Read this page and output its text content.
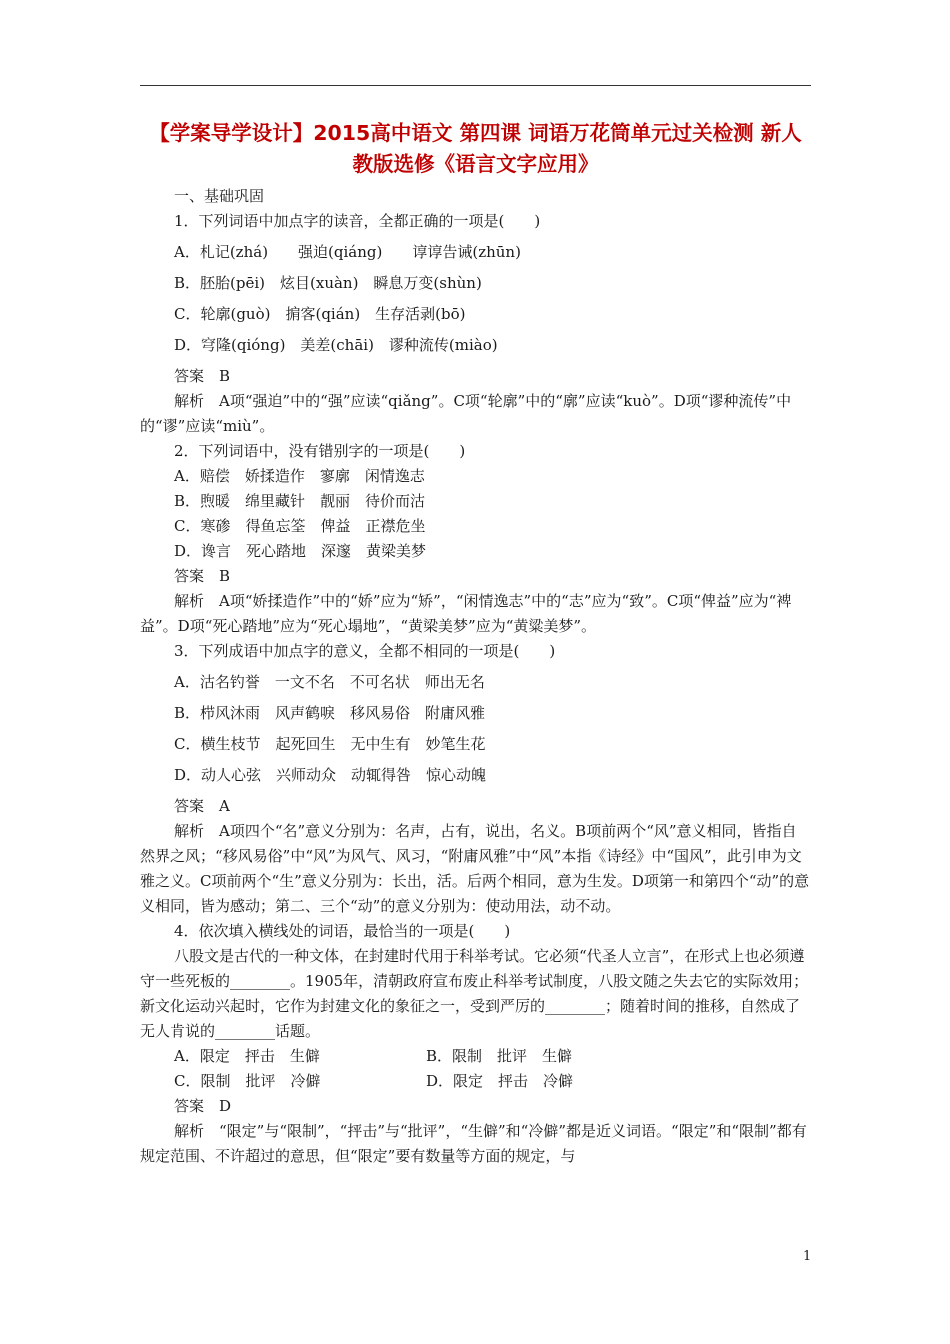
【学案导学设计】2015高中语文 第四课 词语万花筒单元过关检测 新人教版选修《语言文字应用》

一、基础巩固

1．下列词语中加点字的读音，全都正确的一项是(　　)

A．札记(zhá)　　强迫(qiáng)　　谆谆告诫(zhūn)

B．胚胎(pēi)　炫目(xuàn)　瞬息万变(shùn)

C．轮廓(guò)　掮客(qián)　生存活剥(bō)

D．穹隆(qióng)　美差(chāi)　谬种流传(miào)

答案　B

解析　A项“强迫”中的“强”应读“qiǎng”。C项“轮廓”中的“廓”应读“kuò”。D项“谬种流传”中的“谬”应读“miù”。

2．下列词语中，没有错别字的一项是(　　)

A．赔偿　娇揉造作　寥廓　闲情逸志

B．煦暖　绵里藏针　靓丽　待价而沽

C．寒碜　得鱼忘筌　俾益　正襟危坐

D．谗言　死心踏地　深邃　黄梁美梦

答案　B

解析　A项“娇揉造作”中的“娇”应为“矫”，“闲情逸志”中的“志”应为“致”。C项“俾益”应为“裨益”。D项“死心踏地”应为“死心塌地”，“黄梁美梦”应为“黄粱美梦”。

3．下列成语中加点字的意义，全都不相同的一项是(　　)

A．沽名钓誉　一文不名　不可名状　师出无名

B．栉风沐雨　风声鹤唳　移风易俗　附庸风雅

C．横生枝节　起死回生　无中生有　妙笔生花

D．动人心弦　兴师动众　动辄得咎　惊心动魄

答案　A

解析　A项四个“名”意义分别为：名声，占有，说出，名义。B项前两个“风”意义相同，皆指自然界之风；“移风易俗”中“风”为风气、风习，“附庸风雅”中“风”本指《诗经》中“国风”，此引申为文雅之义。C项前两个“生”意义分别为：长出，活。后两个相同，意为生发。D项第一和第四个“动”的意义相同，皆为感动；第二、三个“动”的意义分别为：使动用法，动不动。

4．依次填入横线处的词语，最恰当的一项是(　　)

八股文是古代的一种文体，在封建时代用于科举考试。它必须“代圣人立言”，在形式上也必须遵守一些死板的________。1905年，清朝政府宣布废止科举考试制度，八股文随之失去它的实际效用；新文化运动兴起时，它作为封建文化的象征之一，受到严厉的________；随着时间的推移，自然成了无人肯说的________话题。

A．限定　抨击　生僻	B．限制　批评　生僻
C．限制　批评　冷僻	D．限定　抨击　冷僻

答案　D

解析　“限定”与“限制”，“抨击”与“批评”，“生僻”和“冷僻”都是近义词语。“限定”和“限制”都有规定范围、不许超过的意思，但“限定”要有数量等方面的规定，与

1
